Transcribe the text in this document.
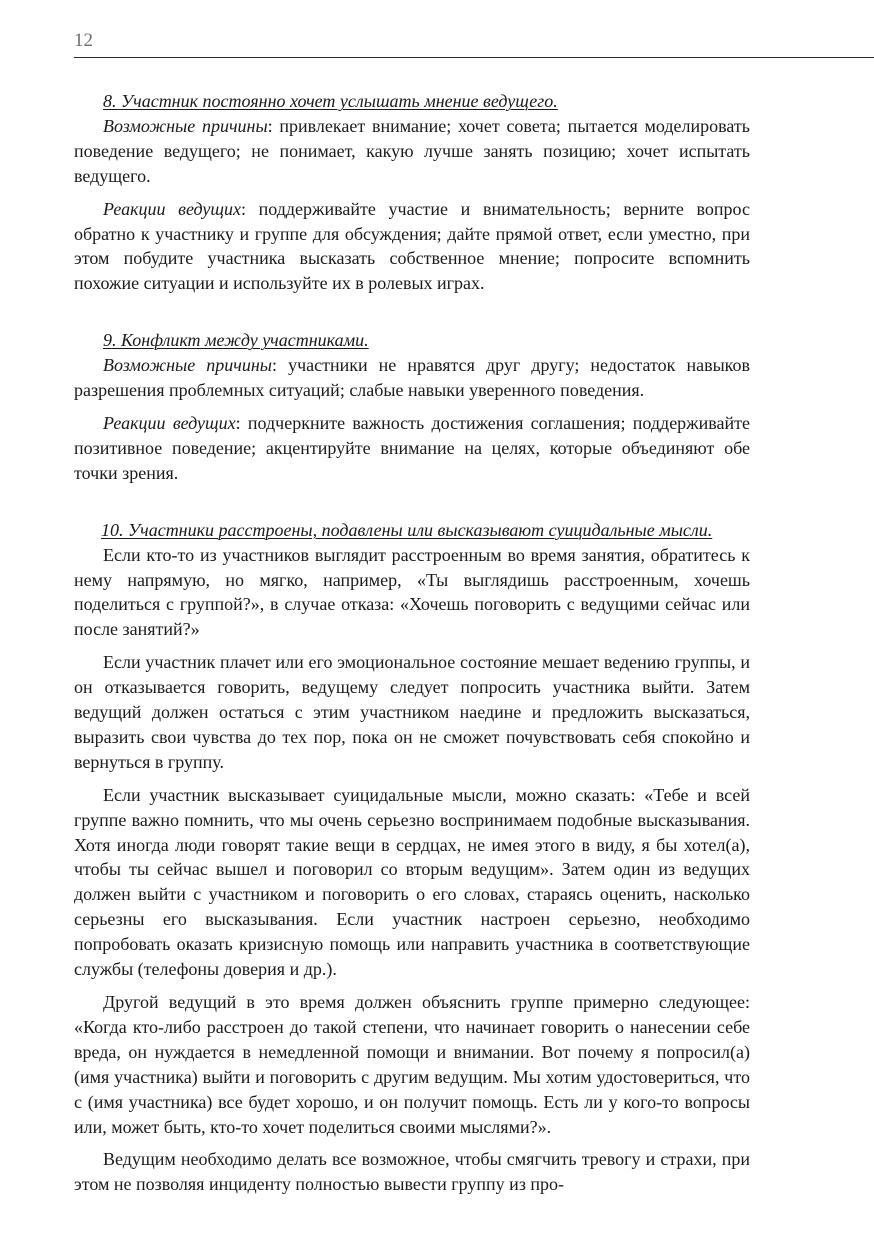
12

8. Участник постоянно хочет услышать мнение ведущего.

Возможные причины: привлекает внимание; хочет совета; пытается моделировать поведение ведущего; не понимает, какую лучше занять позицию; хочет испытать ведущего.

Реакции ведущих: поддерживайте участие и внимательность; верните вопрос обратно к участнику и группе для обсуждения; дайте прямой ответ, если уместно, при этом побудите участника высказать собственное мнение; попросите вспомнить похожие ситуации и используйте их в ролевых играх.

9. Конфликт между участниками.

Возможные причины: участники не нравятся друг другу; недостаток навыков разрешения проблемных ситуаций; слабые навыки уверенного поведения.

Реакции ведущих: подчеркните важность достижения соглашения; поддерживайте позитивное поведение; акцентируйте внимание на целях, которые объединяют обе точки зрения.

10. Участники расстроены, подавлены или высказывают суицидальные мысли.

Если кто-то из участников выглядит расстроенным во время занятия, обратитесь к нему напрямую, но мягко, например, «Ты выглядишь расстроенным, хочешь поделиться с группой?», в случае отказа: «Хочешь поговорить с ведущими сейчас или после занятий?»

Если участник плачет или его эмоциональное состояние мешает ведению группы, и он отказывается говорить, ведущему следует попросить участника выйти. Затем ведущий должен остаться с этим участником наедине и предложить высказаться, выразить свои чувства до тех пор, пока он не сможет почувствовать себя спокойно и вернуться в группу.

Если участник высказывает суицидальные мысли, можно сказать: «Тебе и всей группе важно помнить, что мы очень серьезно воспринимаем подобные высказывания. Хотя иногда люди говорят такие вещи в сердцах, не имея этого в виду, я бы хотел(а), чтобы ты сейчас вышел и поговорил со вторым ведущим». Затем один из ведущих должен выйти с участником и поговорить о его словах, стараясь оценить, насколько серьезны его высказывания. Если участник настроен серьезно, необходимо попробовать оказать кризисную помощь или направить участника в соответствующие службы (телефоны доверия и др.).

Другой ведущий в это время должен объяснить группе примерно следующее: «Когда кто-либо расстроен до такой степени, что начинает говорить о нанесении себе вреда, он нуждается в немедленной помощи и внимании. Вот почему я попросил(а) (имя участника) выйти и поговорить с другим ведущим. Мы хотим удостовериться, что с (имя участника) все будет хорошо, и он получит помощь. Есть ли у кого-то вопросы или, может быть, кто-то хочет поделиться своими мыслями?».

Ведущим необходимо делать все возможное, чтобы смягчить тревогу и страхи, при этом не позволяя инциденту полностью вывести группу из про-
